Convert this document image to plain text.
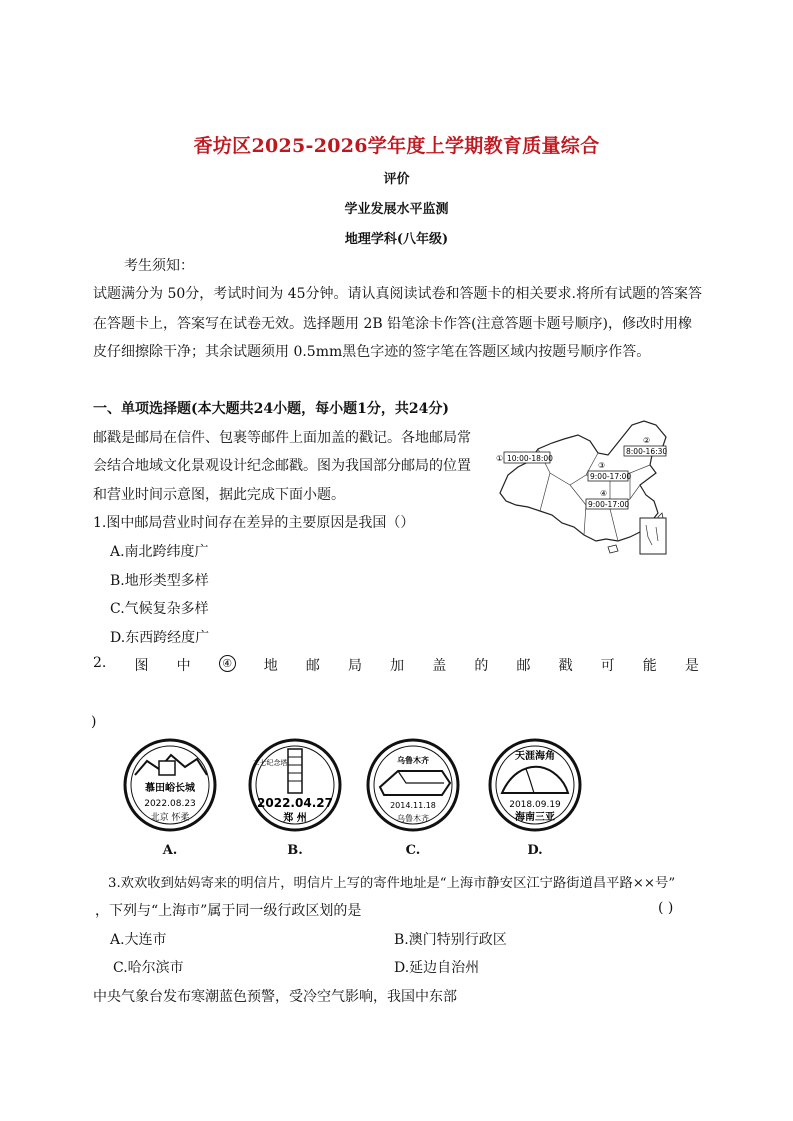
香坊区2025-2026学年度上学期教育质量综合
评价
学业发展水平监测
地理学科(八年级)
考生须知：
试题满分为 50分，考试时间为 45分钟。请认真阅读试卷和答题卡的相关要求.将所有试题的答案答
在答题卡上，答案写在试卷无效。选择题用 2B 铅笔涂卡作答(注意答题卡题号顺序)，修改时用橡
皮仔细擦除干净；其余试题须用 0.5mm黑色字迹的签字笔在答题区域内按题号顺序作答。
一、单项选择题(本大题共24小题，每小题1分，共24分)
邮戳是邮局在信件、包裹等邮件上面加盖的戳记。各地邮局常
会结合地域文化景观设计纪念邮戳。图为我国部分邮局的位置
和营业时间示意图，据此完成下面小题。
10:00-18:00
①
8:00-16:30
②
9:00-17:00
③
9:00-17:00
④
1.图中邮局营业时间存在差异的主要原因是我国（）
A.南北跨纬度广
B.地形类型多样
C.气候复杂多样
D.东西跨经度广
2. 图 中	④ 地 邮 局 加 盖 的 邮 戳 可 能 是
)
慕田峪长城
2022.08.23
北京 怀柔
二七纪念塔
2022.04.27
郑 州
乌鲁木齐
2014.11.18
乌鲁木齐
天涯海角
2018.09.19
海南三亚
A.	B.	C.	D.
3.欢欢收到姑妈寄来的明信片，明信片上写的寄件地址是“上海市静安区江宁路街道昌平路××号”
，下列与“上海市”属于同一级行政区划的是	( )
A.大连市	B.澳门特别行政区
C.哈尔滨市	D.延边自治州
中央气象台发布寒潮蓝色预警，受冷空气影响，我国中东部
